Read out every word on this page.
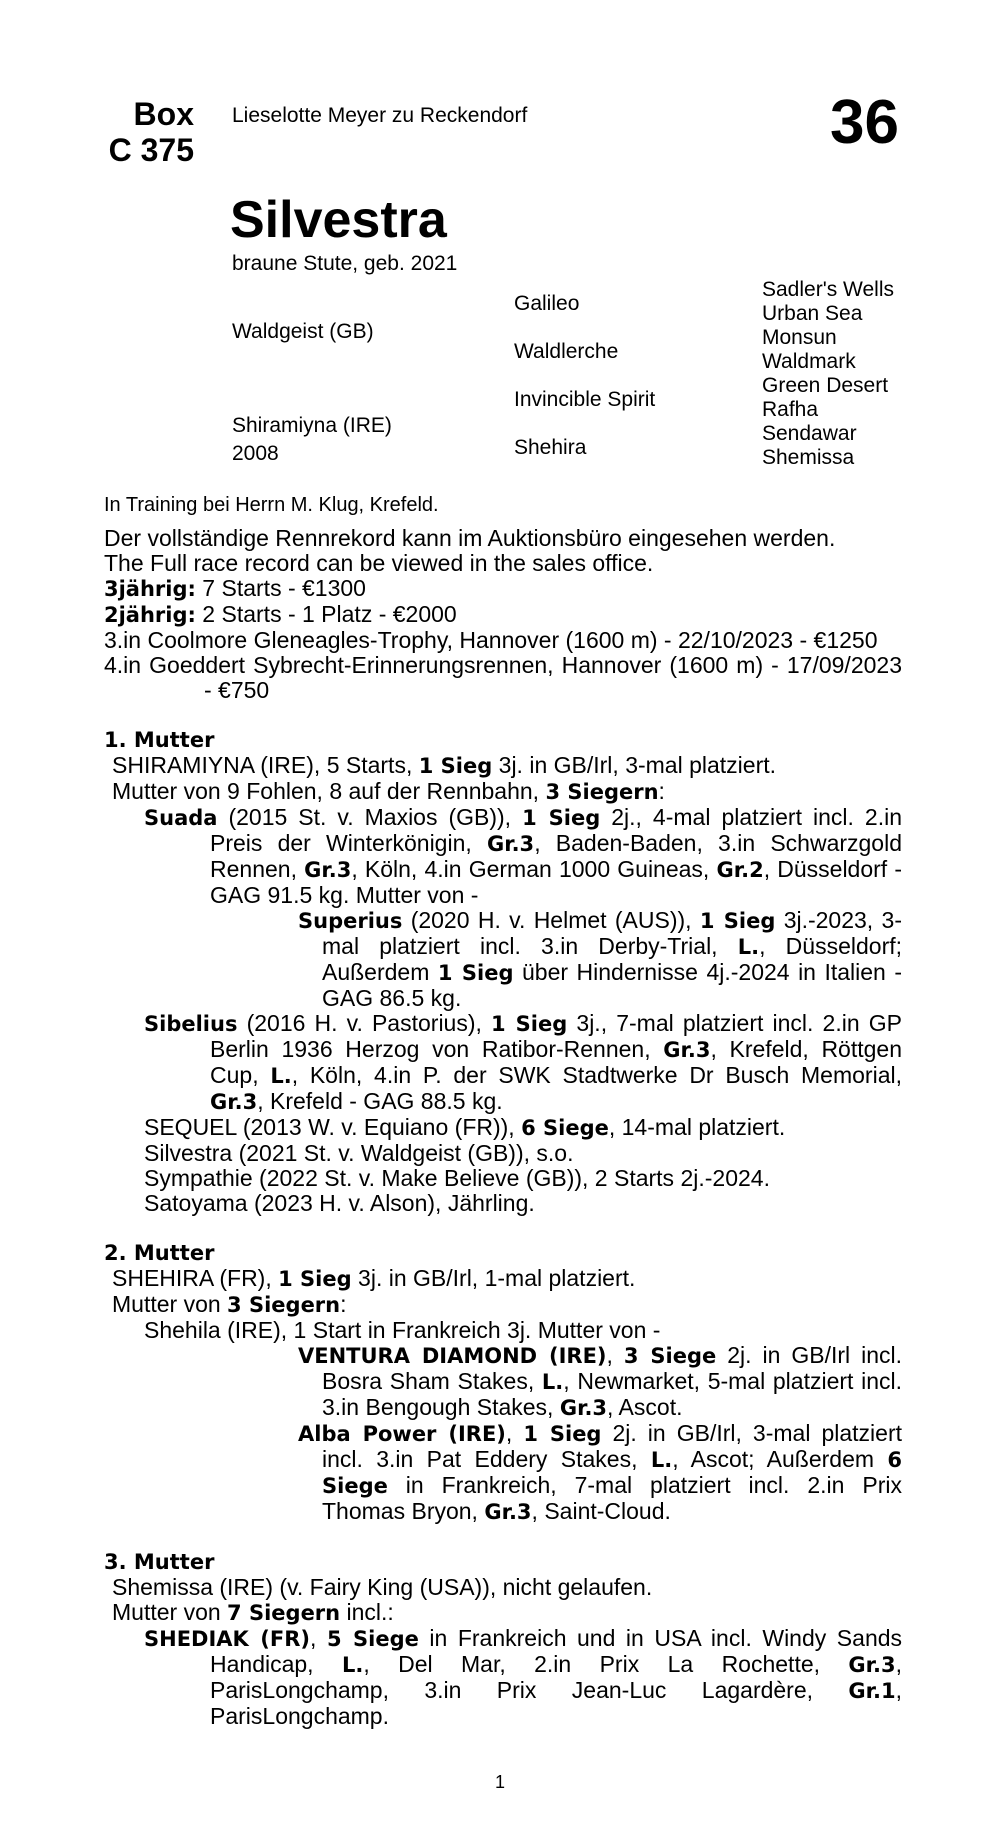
Box
C 375
Lieselotte Meyer zu Reckendorf	36
Silvestra
braune Stute, geb. 2021
Waldgeist (GB)
Shiramiyna (IRE)
2008
Galileo
Waldlerche
Invincible Spirit
Shehira
Sadler's Wells
Urban Sea
Monsun
Waldmark
Green Desert
Rafha
Sendawar
Shemissa
In Training bei Herrn M. Klug, Krefeld.

Der vollständige Rennrekord kann im Auktionsbüro eingesehen werden.

The Full race record can be viewed in the sales office.

3jährig: 7 Starts - €1300

2jährig: 2 Starts - 1 Platz - €2000

3.in Coolmore Gleneagles-Trophy, Hannover (1600 m) - 22/10/2023 - €1250

4.in Goeddert Sybrecht-Erinnerungsrennen, Hannover (1600 m) - 17/09/2023 - €750

1. Mutter

SHIRAMIYNA (IRE), 5 Starts, 1 Sieg 3j. in GB/Irl, 3-mal platziert.

Mutter von 9 Fohlen, 8 auf der Rennbahn, 3 Siegern:

Suada (2015 St. v. Maxios (GB)), 1 Sieg 2j., 4-mal platziert incl. 2.in Preis der Winterkönigin, Gr.3, Baden-Baden, 3.in Schwarzgold Rennen, Gr.3, Köln, 4.in German 1000 Guineas, Gr.2, Düsseldorf - GAG 91.5 kg. Mutter von -

Superius (2020 H. v. Helmet (AUS)), 1 Sieg 3j.-2023, 3-mal platziert incl. 3.in Derby-Trial, L., Düsseldorf; Außerdem 1 Sieg über Hindernisse 4j.-2024 in Italien - GAG 86.5 kg.

Sibelius (2016 H. v. Pastorius), 1 Sieg 3j., 7-mal platziert incl. 2.in GP Berlin 1936 Herzog von Ratibor-Rennen, Gr.3, Krefeld, Röttgen Cup, L., Köln, 4.in P. der SWK Stadtwerke Dr Busch Memorial, Gr.3, Krefeld - GAG 88.5 kg.

SEQUEL (2013 W. v. Equiano (FR)), 6 Siege, 14-mal platziert.

Silvestra (2021 St. v. Waldgeist (GB)), s.o.

Sympathie (2022 St. v. Make Believe (GB)), 2 Starts 2j.-2024.

Satoyama (2023 H. v. Alson), Jährling.

2. Mutter

SHEHIRA (FR), 1 Sieg 3j. in GB/Irl, 1-mal platziert.

Mutter von 3 Siegern:

Shehila (IRE), 1 Start in Frankreich 3j. Mutter von -

VENTURA DIAMOND (IRE), 3 Siege 2j. in GB/Irl incl. Bosra Sham Stakes, L., Newmarket, 5-mal platziert incl. 3.in Bengough Stakes, Gr.3, Ascot.

Alba Power (IRE), 1 Sieg 2j. in GB/Irl, 3-mal platziert incl. 3.in Pat Eddery Stakes, L., Ascot; Außerdem 6 Siege in Frankreich, 7-mal platziert incl. 2.in Prix Thomas Bryon, Gr.3, Saint-Cloud.

3. Mutter

Shemissa (IRE) (v. Fairy King (USA)), nicht gelaufen.

Mutter von 7 Siegern incl.:

SHEDIAK (FR), 5 Siege in Frankreich und in USA incl. Windy Sands Handicap, L., Del Mar, 2.in Prix La Rochette, Gr.3, ParisLongchamp, 3.in Prix Jean-Luc Lagardère, Gr.1, ParisLongchamp.

1
